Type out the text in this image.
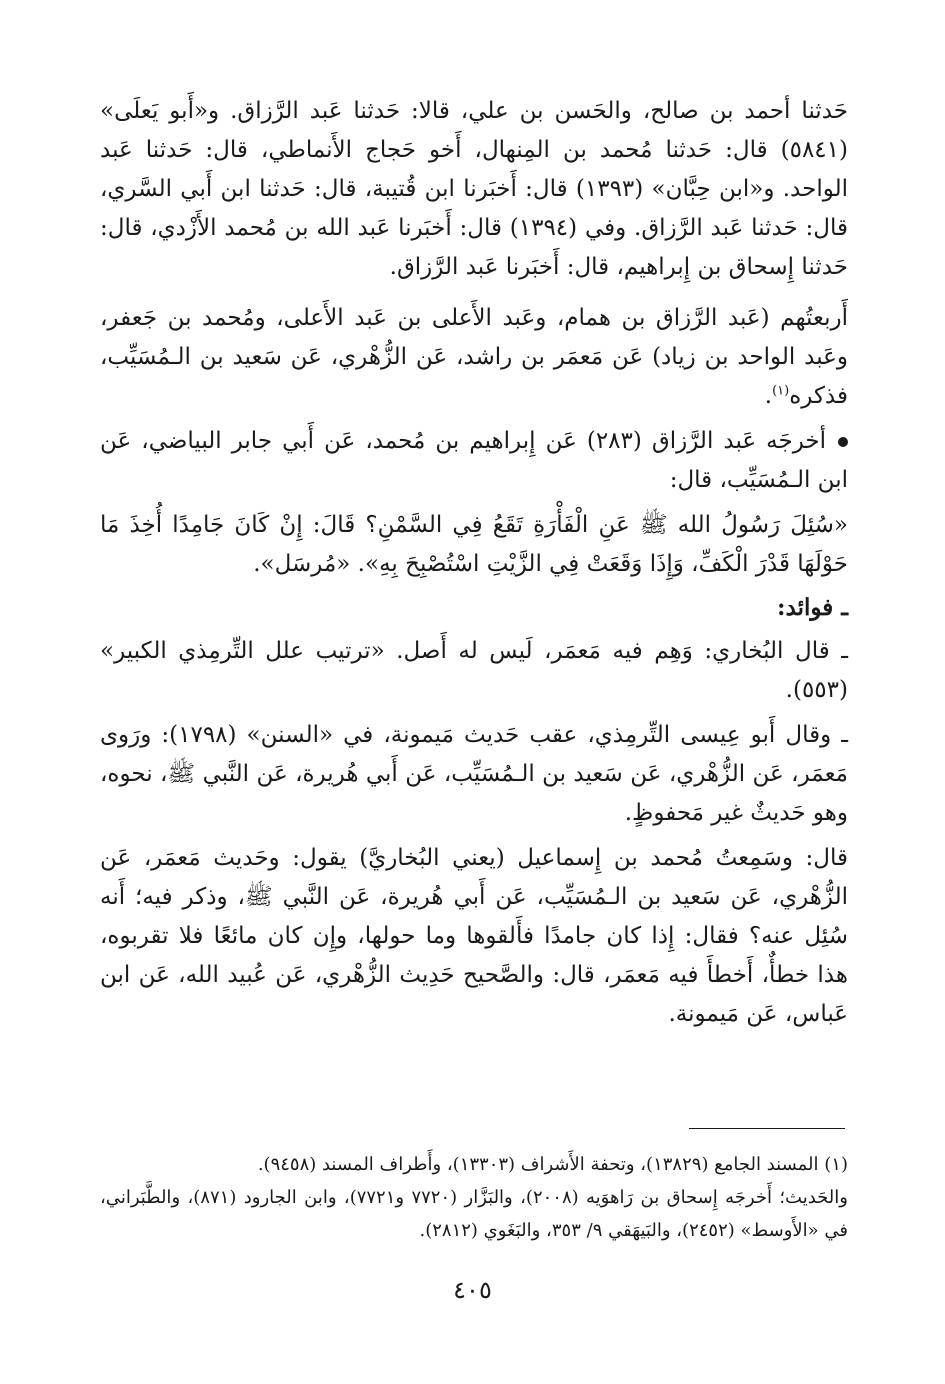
حَدثنا أحمد بن صالح، والحَسن بن علي، قالا: حَدثنا عَبد الرَّزاق. و«أَبو يَعلَى» (٥٨٤١) قال: حَدثنا مُحمد بن المِنهال، أَخو حَجاج الأَنماطي، قال: حَدثنا عَبد الواحد. و«ابن حِبَّان» (١٣٩٣) قال: أَخبَرنا ابن قُتيبة، قال: حَدثنا ابن أَبي السَّري، قال: حَدثنا عَبد الرَّزاق. وفي (١٣٩٤) قال: أَخبَرنا عَبد الله بن مُحمد الأَزْدي، قال: حَدثنا إِسحاق بن إِبراهيم، قال: أَخبَرنا عَبد الرَّزاق.

أَربعتُهم (عَبد الرَّزاق بن همام، وعَبد الأَعلى بن عَبد الأَعلى، ومُحمد بن جَعفر، وعَبد الواحد بن زياد) عَن مَعمَر بن راشد، عَن الزُّهْري، عَن سَعيد بن الـمُسَيِّب، فذكره$^{(١)}$.

أخرجَه عَبد الرَّزاق (٢٨٣) عَن إِبراهيم بن مُحمد، عَن أَبي جابر البياضي، عَن ابن الـمُسَيِّب، قال:

«سُئِلَ رَسُولُ الله ﷺ عَنِ الْفَأْرَةِ تَقَعُ فِي السَّمْنِ؟ قَالَ: إِنْ كَانَ جَامِدًا أُخِذَ مَا حَوْلَهَا قَدْرَ الْكَفِّ، وَإِذَا وَقَعَتْ فِي الزَّيْتِ اسْتُصْبِحَ بِهِ». «مُرسَل».

ـ فوائد:

ـ قال البُخاري: وَهِم فيه مَعمَر، لَيس له أَصل. «ترتيب علل التِّرمِذي الكبير» (٥٥٣).

ـ وقال أَبو عِيسى التِّرمِذي، عقب حَديث مَيمونة، في «السنن» (١٧٩٨): ورَوى مَعمَر، عَن الزُّهْري، عَن سَعيد بن الـمُسَيِّب، عَن أَبي هُريرة، عَن النَّبي ﷺ، نحوه، وهو حَديثٌ غير مَحفوظٍ.

قال: وسَمِعتُ مُحمد بن إِسماعيل (يعني البُخاريَّ) يقول: وحَديث مَعمَر، عَن الزُّهْري، عَن سَعيد بن الـمُسَيِّب، عَن أَبي هُريرة، عَن النَّبي ﷺ، وذكر فيه؛ أَنه سُئِل عنه؟ فقال: إِذا كان جامدًا فأَلقوها وما حولها، وإِن كان مائعًا فلا تقربوه، هذا خطأٌ، أَخطأَ فيه مَعمَر، قال: والصَّحيح حَدِيث الزُّهْري، عَن عُبيد الله، عَن ابن عَباس، عَن مَيمونة.

(١) المسند الجامع (١٣٨٢٩)، وتحفة الأَشراف (١٣٣٠٣)، وأَطراف المسند (٩٤٥٨).

والحَديث؛ أَخرجَه إِسحاق بن رَاهوَيه (٢٠٠٨)، والبَزَّار (٧٧٢٠ و٧٧٢١)، وابن الجارود (٨٧١)، والطَّبَراني، في «الأَوسط» (٢٤٥٢)، والبَيهَقي ٩/ ٣٥٣، والبَغَوي (٢٨١٢).

٤٠٥
